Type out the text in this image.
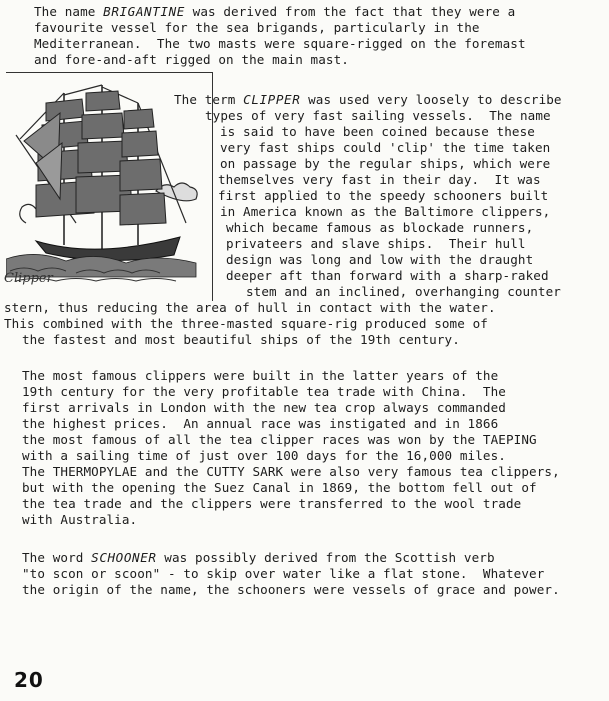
The name BRIGANTINE was derived from the fact that they were a

favourite vessel for the sea brigands, particularly in the

Mediterranean.  The two masts were square-rigged on the foremast

and fore-and-aft rigged on the main mast.

Clipper

The term CLIPPER was used very loosely to describe

types of very fast sailing vessels.  The name

is said to have been coined because these

very fast ships could 'clip' the time taken

on passage by the regular ships, which were

themselves very fast in their day.  It was

first applied to the speedy schooners built

in America known as the Baltimore clippers,

which became famous as blockade runners,

privateers and slave ships.  Their hull

design was long and low with the draught

deeper aft than forward with a sharp-raked

stem and an inclined, overhanging counter

stern, thus reducing the area of hull in contact with the water.

This combined with the three-masted square-rig produced some of

the fastest and most beautiful ships of the 19th century.

The most famous clippers were built in the latter years of the

19th century for the very profitable tea trade with China.  The

first arrivals in London with the new tea crop always commanded

the highest prices.  An annual race was instigated and in 1866

the most famous of all the tea clipper races was won by the TAEPING

with a sailing time of just over 100 days for the 16,000 miles.

The THERMOPYLAE and the CUTTY SARK were also very famous tea clippers,

but with the opening the Suez Canal in 1869, the bottom fell out of

the tea trade and the clippers were transferred to the wool trade

with Australia.

The word SCHOONER was possibly derived from the Scottish verb

"to scon or scoon" - to skip over water like a flat stone.  Whatever

the origin of the name, the schooners were vessels of grace and power.

20
